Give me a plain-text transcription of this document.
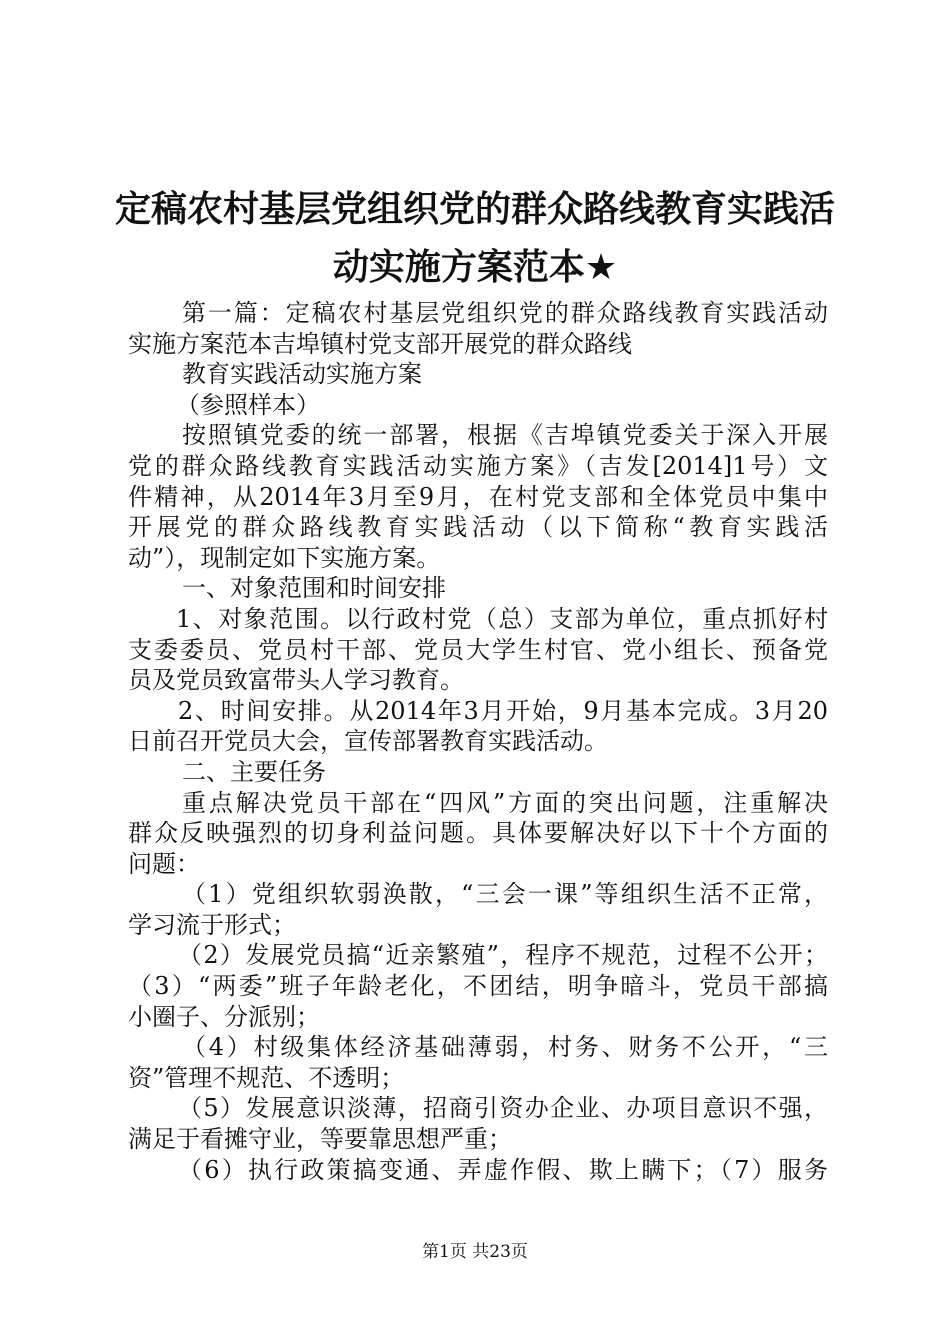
定稿农村基层党组织党的群众路线教育实践活
动实施方案范本★
第一篇：定稿农村基层党组织党的群众路线教育实践活动
实施方案范本吉埠镇村党支部开展党的群众路线
教育实践活动实施方案
（参照样本）
按照镇党委的统一部署，根据《吉埠镇党委关于深入开展
党的群众路线教育实践活动实施方案》（吉发[2014]1号）文
件精神，从2014年3月至9月，在村党支部和全体党员中集中
开展党的群众路线教育实践活动（以下简称“教育实践活
动”），现制定如下实施方案。
一、对象范围和时间安排
1、对象范围。以行政村党（总）支部为单位，重点抓好村
支委委员、党员村干部、党员大学生村官、党小组长、预备党
员及党员致富带头人学习教育。
2、时间安排。从2014年3月开始，9月基本完成。3月20
日前召开党员大会，宣传部署教育实践活动。
二、主要任务
重点解决党员干部在“四风”方面的突出问题，注重解决
群众反映强烈的切身利益问题。具体要解决好以下十个方面的
问题：
（1）党组织软弱涣散，“三会一课”等组织生活不正常，
学习流于形式；
（2）发展党员搞“近亲繁殖”，程序不规范，过程不公开；
（3）“两委”班子年龄老化，不团结，明争暗斗，党员干部搞
小圈子、分派别；
（4）村级集体经济基础薄弱，村务、财务不公开，“三
资”管理不规范、不透明；
（5）发展意识淡薄，招商引资办企业、办项目意识不强，
满足于看摊守业，等要靠思想严重；
（6）执行政策搞变通、弄虚作假、欺上瞒下；（7）服务
第1页 共23页
